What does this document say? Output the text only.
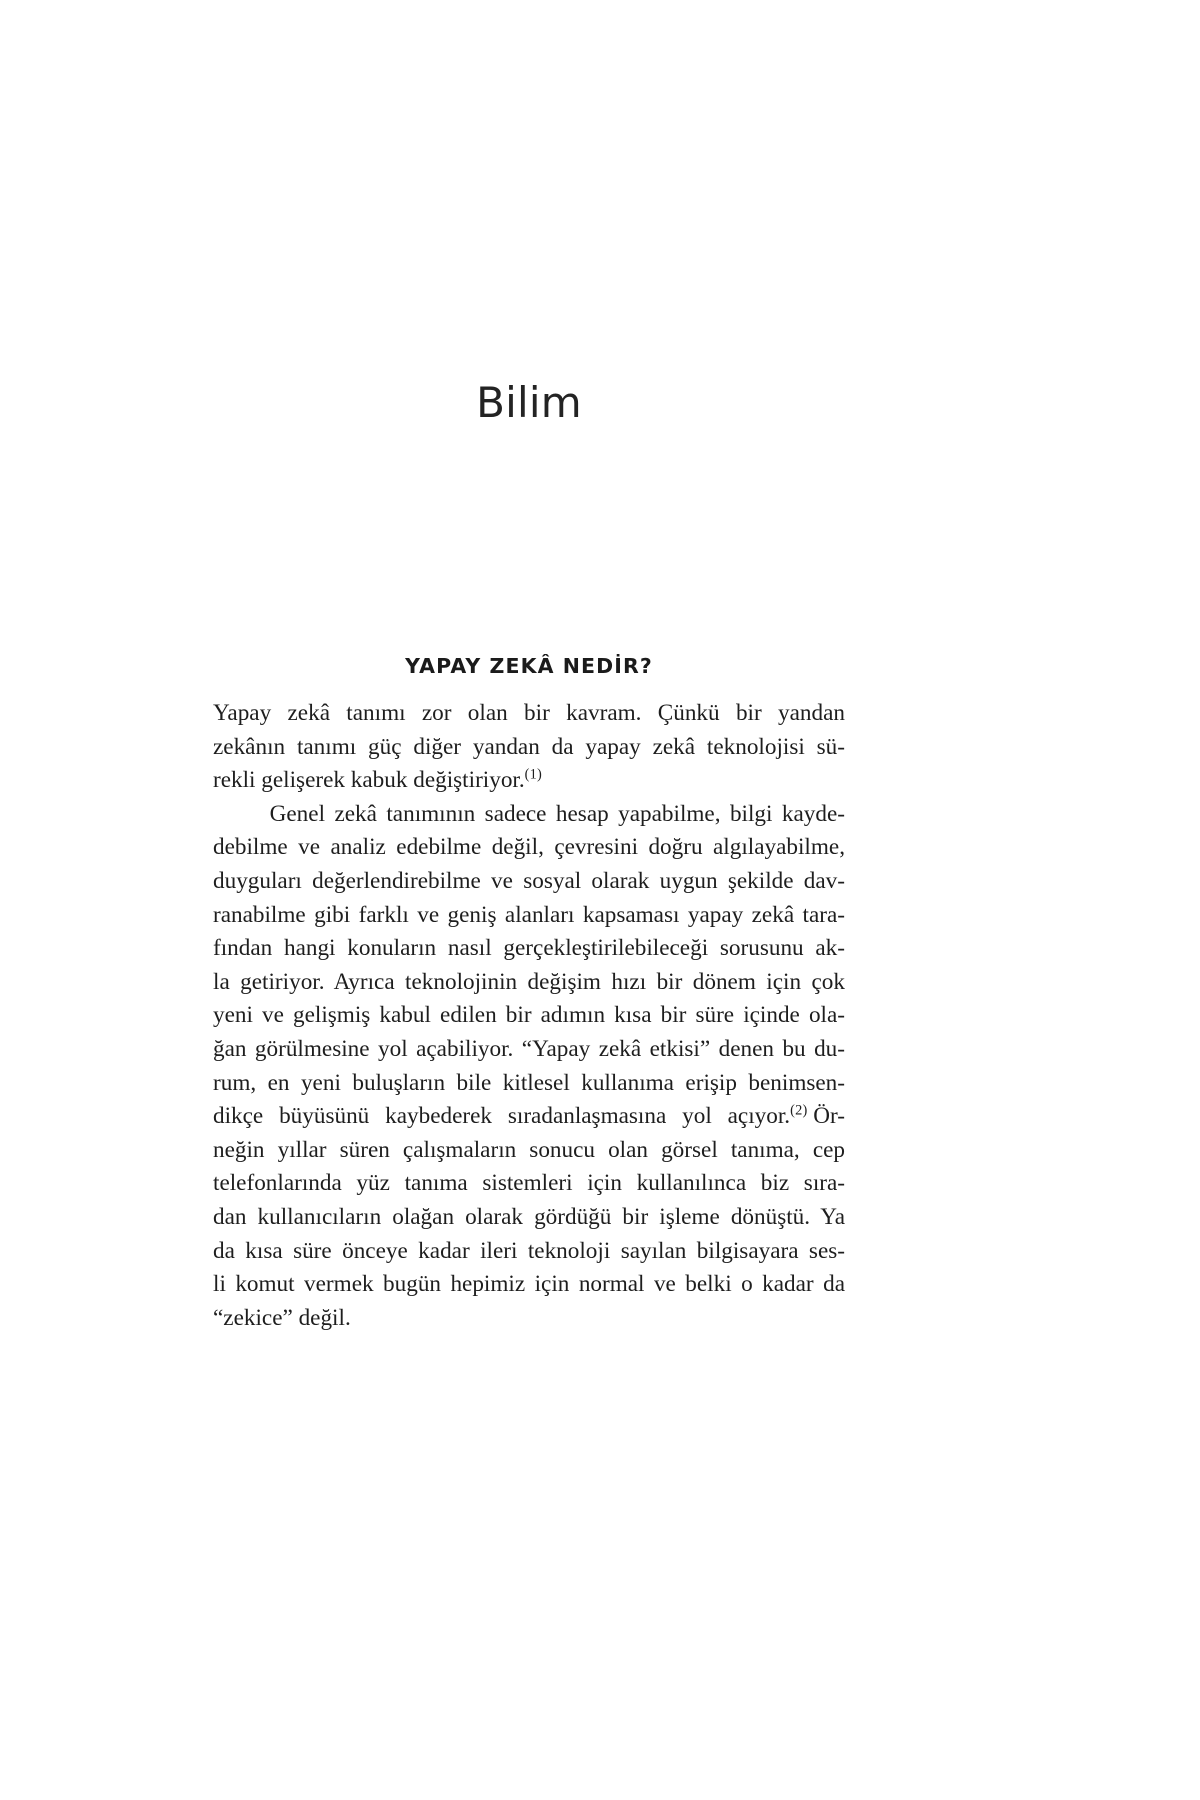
Bilim
YAPAY ZEKÂ NEDİR?

Yapay zekâ tanımı zor olan bir kavram. Çünkü bir yandan
zekânın tanımı güç diğer yandan da yapay zekâ teknolojisi sü-
rekli gelişerek kabuk değiştiriyor.$^{(1)}$

Genel zekâ tanımının sadece hesap yapabilme, bilgi kayde-
debilme ve analiz edebilme değil, çevresini doğru algılayabilme,
duyguları değerlendirebilme ve sosyal olarak uygun şekilde dav-
ranabilme gibi farklı ve geniş alanları kapsaması yapay zekâ tara-
fından hangi konuların nasıl gerçekleştirilebileceği sorusunu ak-
la getiriyor. Ayrıca teknolojinin değişim hızı bir dönem için çok
yeni ve gelişmiş kabul edilen bir adımın kısa bir süre içinde ola-
ğan görülmesine yol açabiliyor. “Yapay zekâ etkisi” denen bu du-
rum, en yeni buluşların bile kitlesel kullanıma erişip benimsen-
dikçe büyüsünü kaybederek sıradanlaşmasına yol açıyor.$^{(2)}$ Ör-
neğin yıllar süren çalışmaların sonucu olan görsel tanıma, cep
telefonlarında yüz tanıma sistemleri için kullanılınca biz sıra-
dan kullanıcıların olağan olarak gördüğü bir işleme dönüştü. Ya
da kısa süre önceye kadar ileri teknoloji sayılan bilgisayara ses-
li komut vermek bugün hepimiz için normal ve belki o kadar da
“zekice” değil.
